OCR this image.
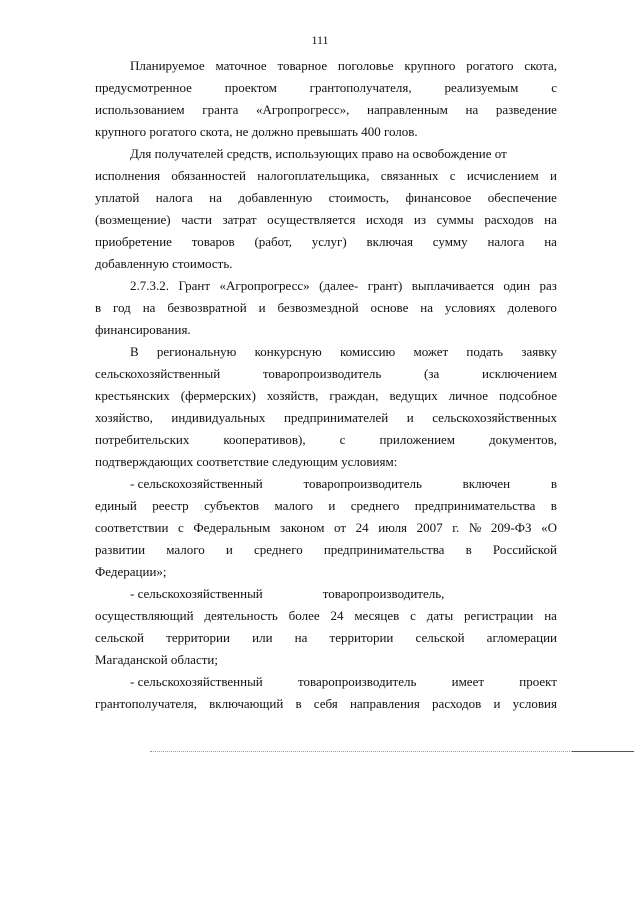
111
Планируемое маточное товарное поголовье крупного рогатого скота,
предусмотренное	проектом	грантополучателя,	реализуемым	с
использованием гранта «Агропрогресс», направленным на разведение
крупного рогатого скота, не должно превышать 400 голов.
Для получателей средств, использующих право на освобождение от
исполнения обязанностей налогоплательщика, связанных с исчислением и
уплатой налога на добавленную стоимость, финансовое обеспечение
(возмещение) части затрат осуществляется исходя из суммы расходов на
приобретение товаров (работ, услуг) включая сумму налога на
добавленную стоимость.
2.7.3.2. Грант «Агропрогресс» (далее- грант) выплачивается один раз
в год на безвозвратной и безвозмездной основе на условиях долевого
финансирования.
В региональную конкурсную комиссию может подать заявку
сельскохозяйственный	товаропроизводитель	(за	исключением
крестьянских (фермерских) хозяйств, граждан, ведущих личное подсобное
хозяйство, индивидуальных предпринимателей и сельскохозяйственных
потребительских	кооперативов),	с	приложением	документов,
подтверждающих соответствие следующим условиям:
- сельскохозяйственный	товаропроизводитель	включен	в
единый реестр субъектов малого и среднего предпринимательства в
соответствии с Федеральным законом от 24 июля 2007 г. № 209-ФЗ «О
развитии малого и среднего предпринимательства в Российской
Федерации»;
- сельскохозяйственный	товаропроизводитель,
осуществляющий деятельность более 24 месяцев с даты регистрации на
сельской территории или на территории сельской агломерации
Магаданской области;
- сельскохозяйственный	товаропроизводитель	имеет	проект
грантополучателя, включающий в себя направления расходов и условия
